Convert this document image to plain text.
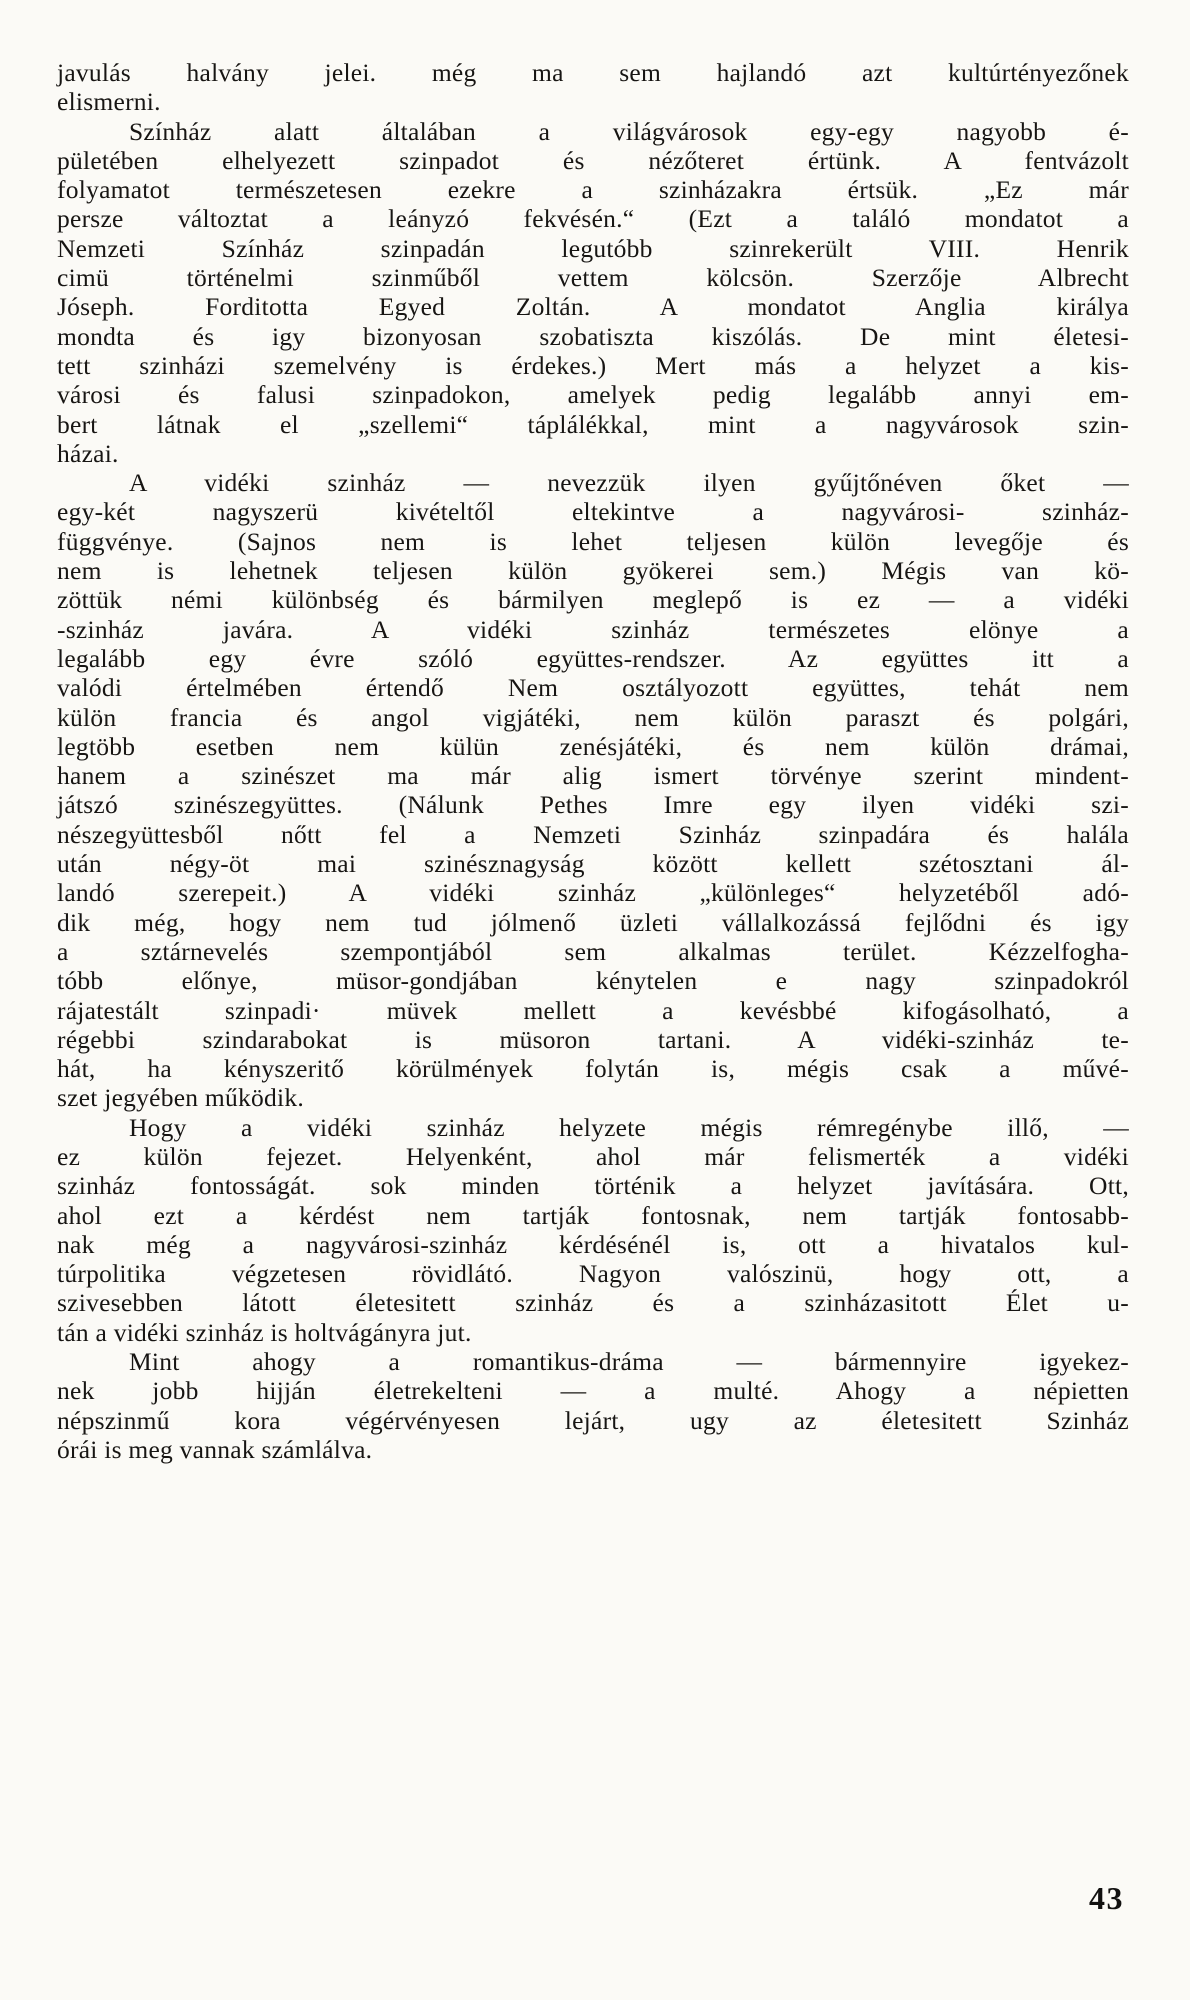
javulás halvány jelei. még ma sem hajlandó azt kultúrtényezőnek
elismerni.
Színház alatt általában a világvárosok egy-egy nagyobb é-
pületében elhelyezett szinpadot és nézőteret értünk. A fentvázolt
folyamatot természetesen ezekre a szinházakra értsük. „Ez már
persze változtat a leányzó fekvésén.“ (Ezt a találó mondatot a
Nemzeti Színház szinpadán legutóbb szinrekerült VIII. Henrik
cimü történelmi szinműből vettem kölcsön. Szerzője Albrecht
Jóseph. Forditotta Egyed Zoltán. A mondatot Anglia királya
mondta és igy bizonyosan szobatiszta kiszólás. De mint életesi-
tett szinházi szemelvény is érdekes.) Mert más a helyzet a kis-
városi és falusi szinpadokon, amelyek pedig legalább annyi em-
bert látnak el „szellemi“ táplálékkal, mint a nagyvárosok szin-
házai.
A vidéki szinház — nevezzük ilyen gyűjtőnéven őket —
egy-két nagyszerü kivételtől eltekintve a nagyvárosi- szinház-
függvénye. (Sajnos nem is lehet teljesen külön levegője és
nem is lehetnek teljesen külön gyökerei sem.) Mégis van kö-
zöttük némi különbség és bármilyen meglepő is ez — a vidéki
-szinház javára. A vidéki szinház természetes elönye a
legalább egy évre szóló együttes-rendszer. Az együttes itt a
valódi értelmében értendő Nem osztályozott együttes, tehát nem
külön francia és angol vigjátéki, nem külön paraszt és polgári,
legtöbb esetben nem külün zenésjátéki, és nem külön drámai,
hanem a szinészet ma már alig ismert törvénye szerint mindent-
játszó szinészegyüttes. (Nálunk Pethes Imre egy ilyen vidéki szi-
nészegyüttesből nőtt fel a Nemzeti Szinház szinpadára és halála
után négy-öt mai szinésznagyság között kellett szétosztani ál-
landó szerepeit.) A vidéki szinház „különleges“ helyzetéből adó-
dik még, hogy nem tud jólmenő üzleti vállalkozássá fejlődni és igy
a sztárnevelés szempontjából sem alkalmas terület. Kézzelfogha-
tóbb előnye, müsor-gondjában kénytelen e nagy szinpadokról
rájatestált szinpadi· müvek mellett a kevésbbé kifogásolható, a
régebbi szindarabokat is müsoron tartani. A vidéki-szinház te-
hát, ha kényszeritő körülmények folytán is, mégis csak a művé-
szet jegyében működik.
Hogy a vidéki szinház helyzete mégis rémregénybe illő, —
ez külön fejezet. Helyenként, ahol már felismerték a vidéki
szinház fontosságát. sok minden történik a helyzet javítására. Ott,
ahol ezt a kérdést nem tartják fontosnak, nem tartják fontosabb-
nak még a nagyvárosi-szinház kérdésénél is, ott a hivatalos kul-
túrpolitika végzetesen rövidlátó. Nagyon valószinü, hogy ott, a
szivesebben látott életesitett szinház és a szinházasitott Élet u-
tán a vidéki szinház is holtvágányra jut.
Mint ahogy a romantikus-dráma — bármennyire igyekez-
nek jobb hijján életrekelteni — a multé. Ahogy a népietten
népszinmű kora végérvényesen lejárt, ugy az életesitett Szinház
órái is meg vannak számlálva.
43
